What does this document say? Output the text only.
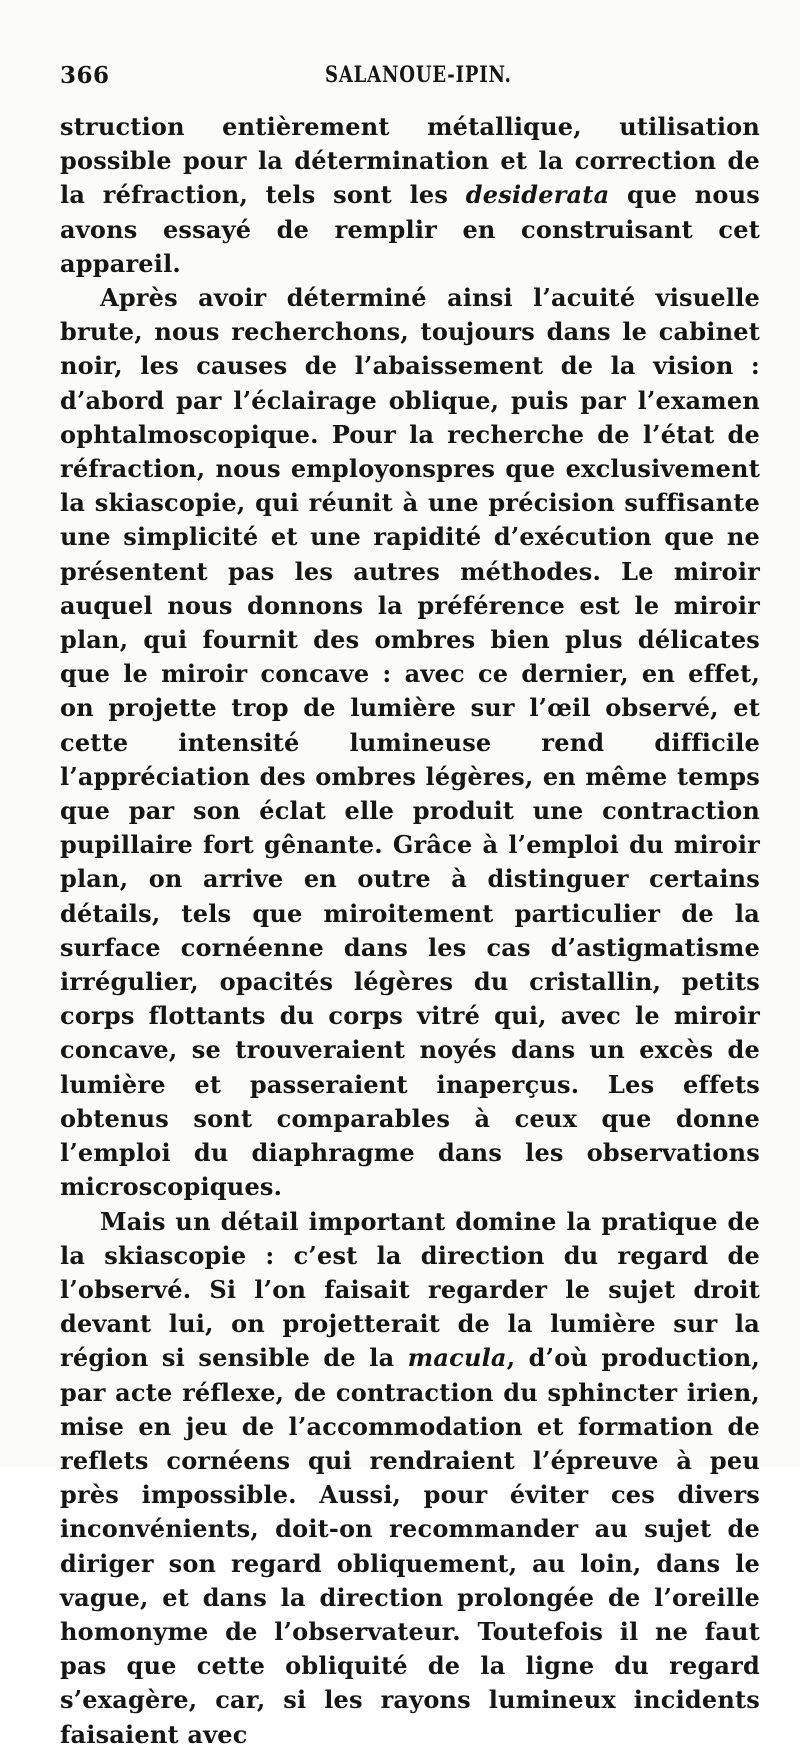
366	SALANOUE-IPIN.

struction entièrement métallique, utilisation possible pour la détermination et la correction de la réfraction, tels sont les desiderata que nous avons essayé de remplir en construisant cet appareil.

Après avoir déterminé ainsi l’acuité visuelle brute, nous recherchons, toujours dans le cabinet noir, les causes de l’abaissement de la vision : d’abord par l’éclairage oblique, puis par l’examen ophtalmoscopique. Pour la recherche de l’état de réfraction, nous employonspres que exclusivement la skiascopie, qui réunit à une précision suffisante une simplicité et une rapidité d’exécution que ne présentent pas les autres méthodes. Le miroir auquel nous donnons la préférence est le miroir plan, qui fournit des ombres bien plus délicates que le miroir concave : avec ce dernier, en effet, on projette trop de lumière sur l’œil observé, et cette intensité lumineuse rend difficile l’appréciation des ombres légères, en même temps que par son éclat elle produit une contraction pupillaire fort gênante. Grâce à l’emploi du miroir plan, on arrive en outre à distinguer certains détails, tels que miroitement particulier de la surface cornéenne dans les cas d’astigmatisme irrégulier, opacités légères du cristallin, petits corps flottants du corps vitré qui, avec le miroir concave, se trouveraient noyés dans un excès de lumière et passeraient inaperçus. Les effets obtenus sont comparables à ceux que donne l’emploi du diaphragme dans les observations microscopiques.

Mais un détail important domine la pratique de la skiascopie : c’est la direction du regard de l’observé. Si l’on faisait regarder le sujet droit devant lui, on projetterait de la lumière sur la région si sensible de la macula, d’où production, par acte réflexe, de contraction du sphincter irien, mise en jeu de l’accommodation et formation de reflets cornéens qui rendraient l’épreuve à peu près impossible. Aussi, pour éviter ces divers inconvénients, doit-on recommander au sujet de diriger son regard obliquement, au loin, dans le vague, et dans la direction prolongée de l’oreille homonyme de l’observateur. Toutefois il ne faut pas que cette obliquité de la ligne du regard s’exagère, car, si les rayons lumineux incidents faisaient avec
